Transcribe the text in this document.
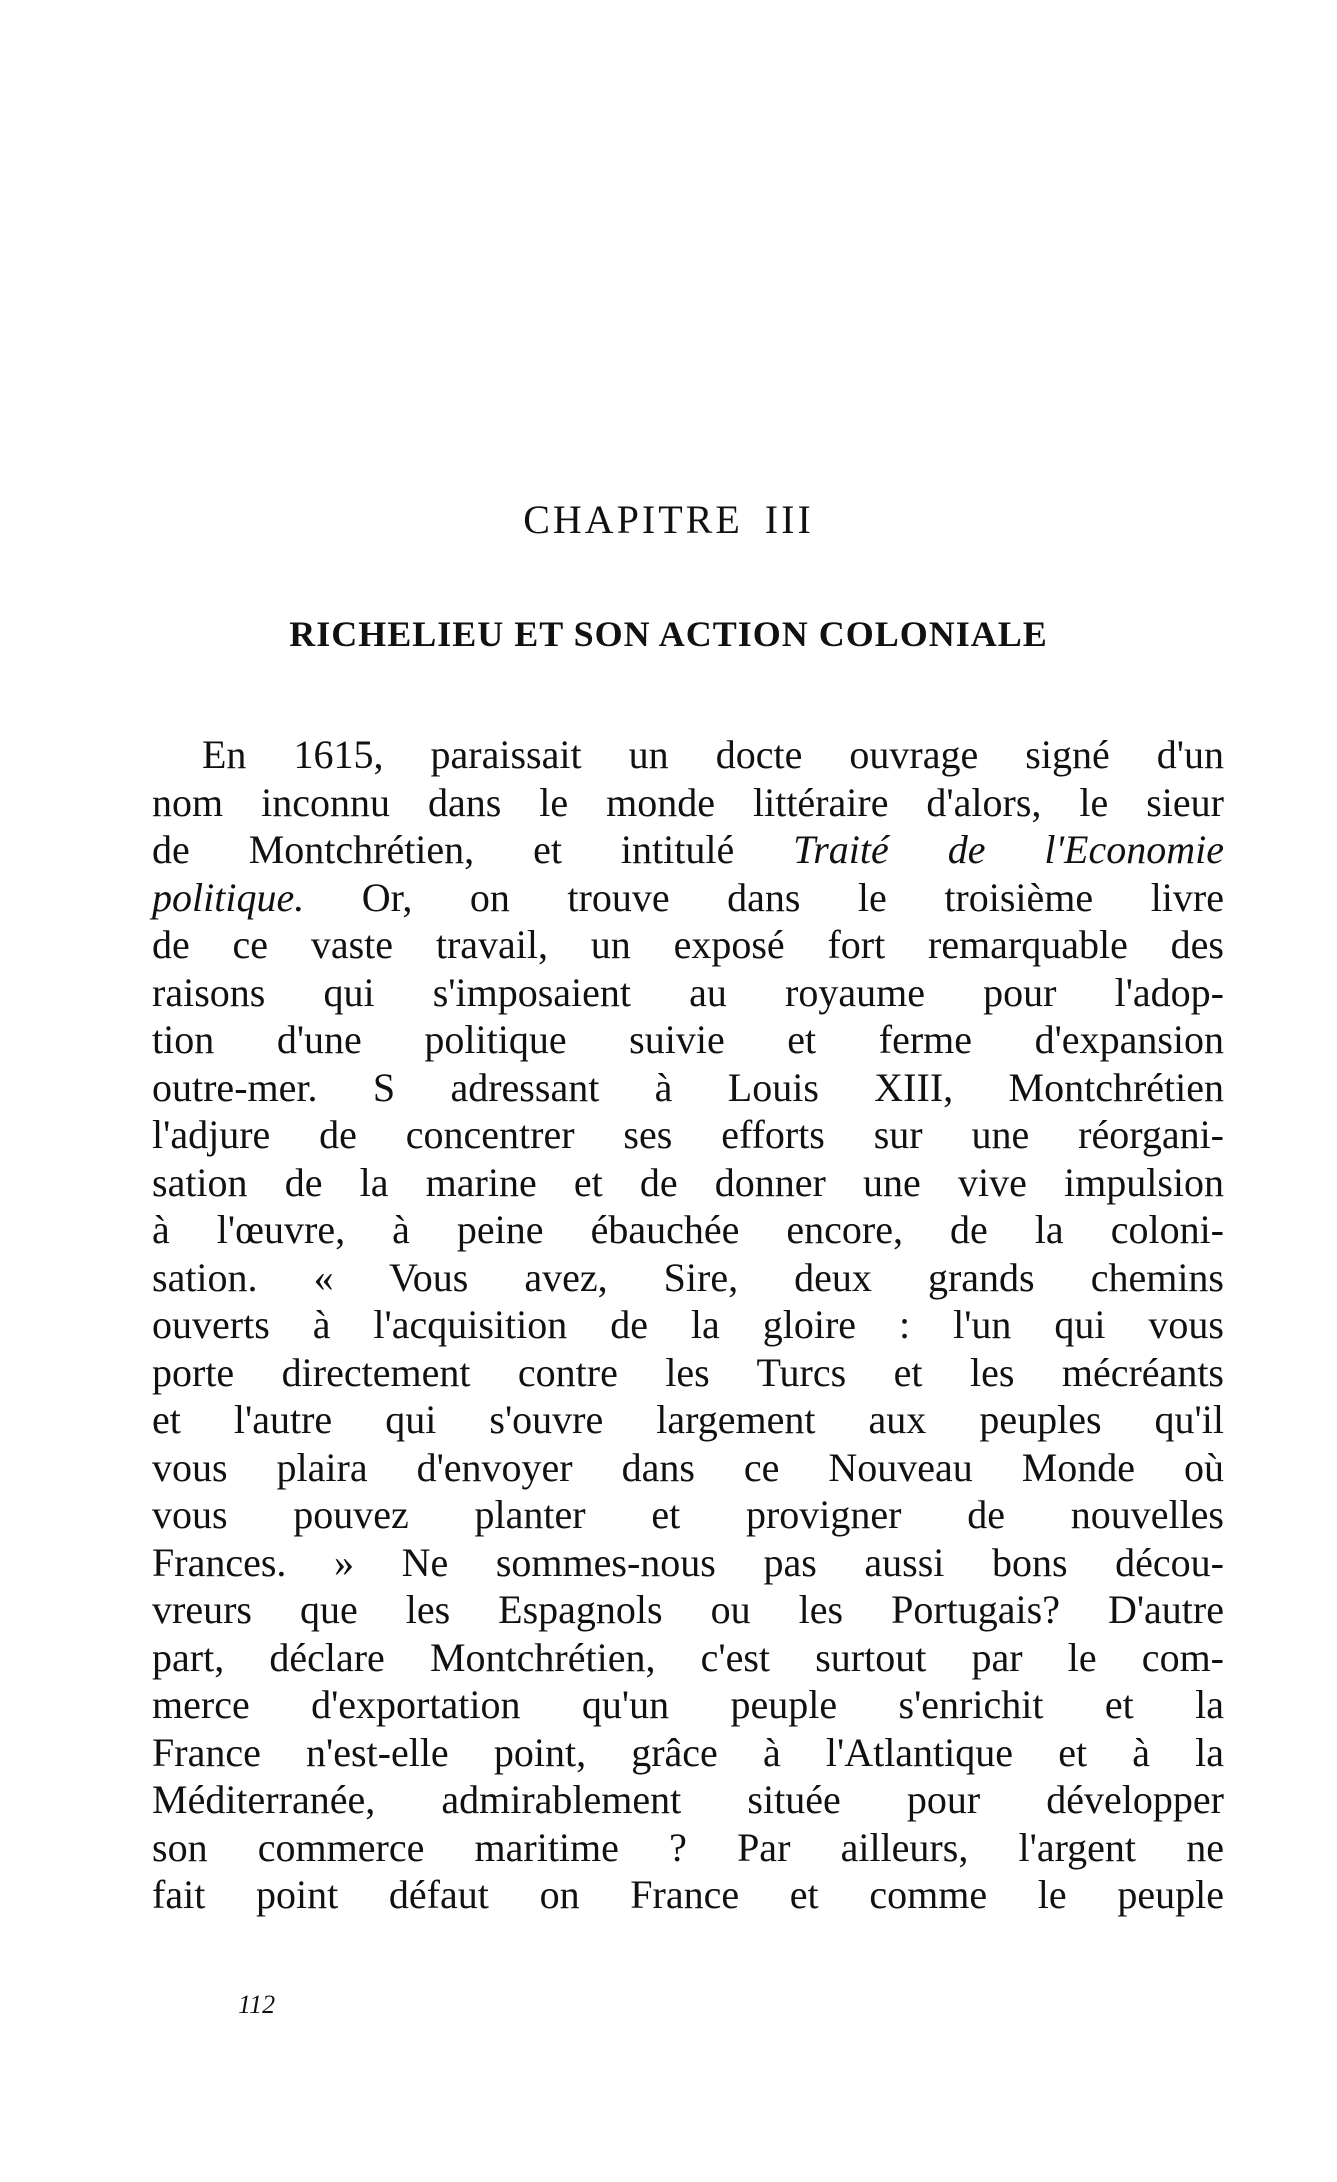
CHAPITRE III
RICHELIEU ET SON ACTION COLONIALE
En 1615, paraissait un docte ouvrage signé d'un
nom inconnu dans le monde littéraire d'alors, le sieur
de Montchrétien, et intitulé Traité de l'Economie
politique. Or, on trouve dans le troisième livre
de ce vaste travail, un exposé fort remarquable des
raisons qui s'imposaient au royaume pour l'adop-
tion d'une politique suivie et ferme d'expansion
outre-mer. S adressant à Louis XIII, Montchrétien
l'adjure de concentrer ses efforts sur une réorgani-
sation de la marine et de donner une vive impulsion
à l'œuvre, à peine ébauchée encore, de la coloni-
sation. « Vous avez, Sire, deux grands chemins
ouverts à l'acquisition de la gloire : l'un qui vous
porte directement contre les Turcs et les mécréants
et l'autre qui s'ouvre largement aux peuples qu'il
vous plaira d'envoyer dans ce Nouveau Monde où
vous pouvez planter et provigner de nouvelles
Frances. » Ne sommes-nous pas aussi bons décou-
vreurs que les Espagnols ou les Portugais? D'autre
part, déclare Montchrétien, c'est surtout par le com-
merce d'exportation qu'un peuple s'enrichit et la
France n'est-elle point, grâce à l'Atlantique et à la
Méditerranée, admirablement située pour développer
son commerce maritime ? Par ailleurs, l'argent ne
fait point défaut on France et comme le peuple
112
